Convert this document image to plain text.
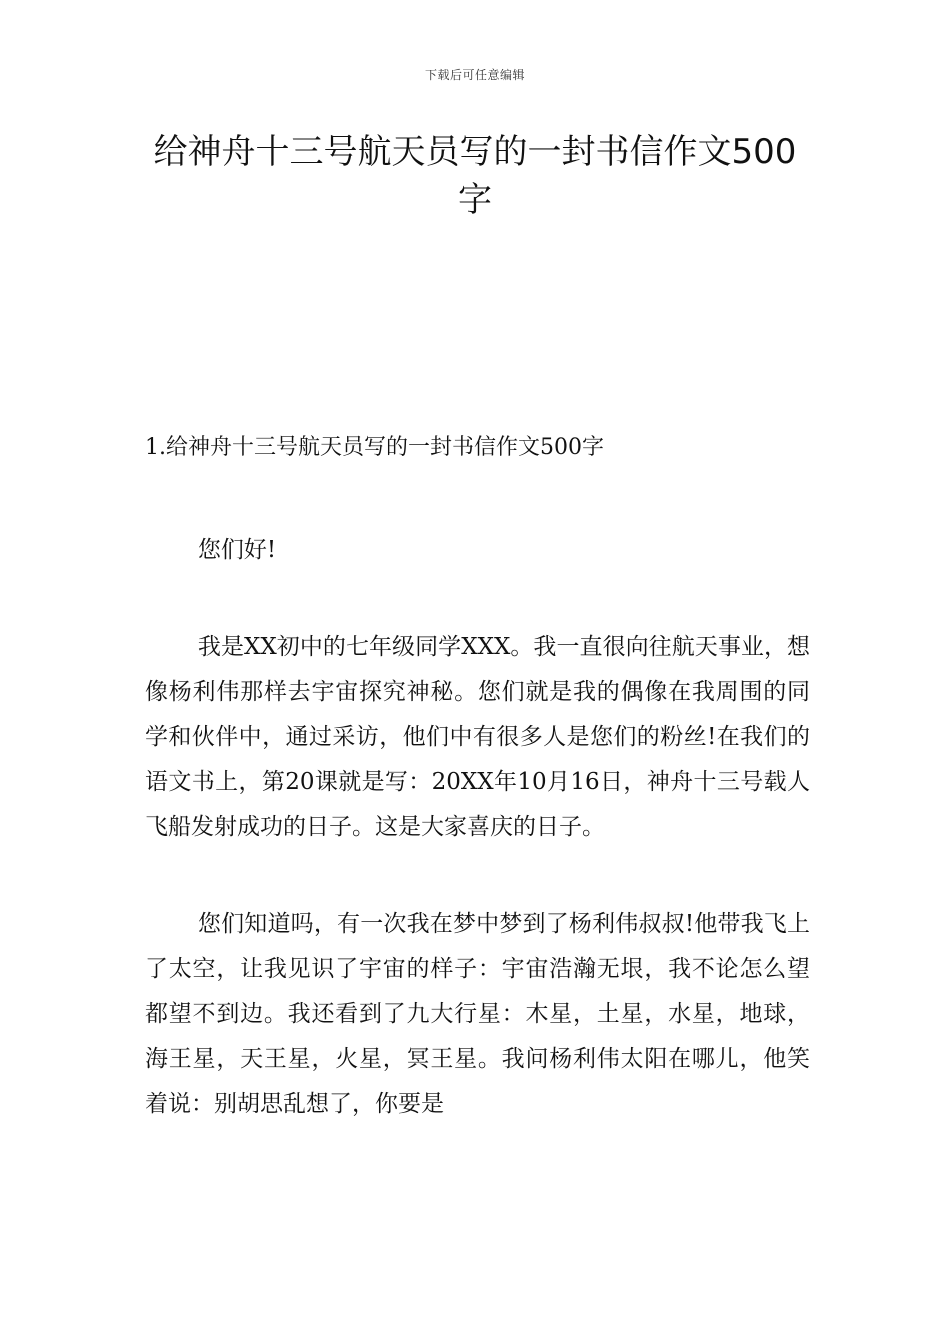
下载后可任意编辑
给神舟十三号航天员写的一封书信作文500字
1.给神舟十三号航天员写的一封书信作文500字

您们好!

我是XX初中的七年级同学XXX。我一直很向往航天事业，想像杨利伟那样去宇宙探究神秘。您们就是我的偶像在我周围的同学和伙伴中，通过采访，他们中有很多人是您们的粉丝!在我们的语文书上，第20课就是写：20XX年10月16日，神舟十三号载人飞船发射成功的日子。这是大家喜庆的日子。

您们知道吗，有一次我在梦中梦到了杨利伟叔叔!他带我飞上了太空，让我见识了宇宙的样子：宇宙浩瀚无垠，我不论怎么望都望不到边。我还看到了九大行星：木星，土星，水星，地球，海王星，天王星，火星，冥王星。我问杨利伟太阳在哪儿，他笑着说：别胡思乱想了，你要是
